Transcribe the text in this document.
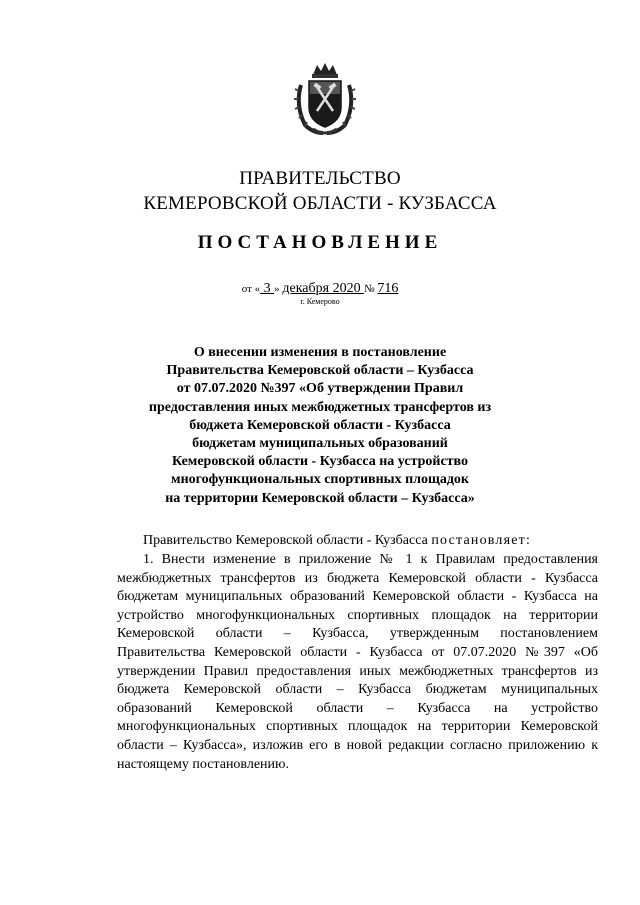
ПРАВИТЕЛЬСТВО
КЕМЕРОВСКОЙ ОБЛАСТИ - КУЗБАССА
ПОСТАНОВЛЕНИЕ
от « 3 » декабря 2020 № 716
г. Кемерово
О внесении изменения в постановление
Правительства Кемеровской области – Кузбасса
от 07.07.2020 №397 «Об утверждении Правил
предоставления иных межбюджетных трансфертов из
бюджета Кемеровской области - Кузбасса
бюджетам муниципальных образований
Кемеровской области - Кузбасса на устройство
многофункциональных спортивных площадок
на территории Кемеровской области – Кузбасса»
Правительство Кемеровской области - Кузбасса постановляет:
1. Внести изменение в приложение № 1 к Правилам предоставления
межбюджетных трансфертов из бюджета Кемеровской области - Кузбасса
бюджетам муниципальных образований Кемеровской области - Кузбасса на
устройство многофункциональных спортивных площадок на территории
Кемеровской области – Кузбасса, утвержденным постановлением
Правительства Кемеровской области - Кузбасса от 07.07.2020 №397 «Об
утверждении Правил предоставления иных межбюджетных трансфертов из
бюджета Кемеровской области – Кузбасса бюджетам муниципальных
образований Кемеровской области – Кузбасса на устройство
многофункциональных спортивных площадок на территории Кемеровской
области – Кузбасса», изложив его в новой редакции согласно приложению к
настоящему постановлению.
